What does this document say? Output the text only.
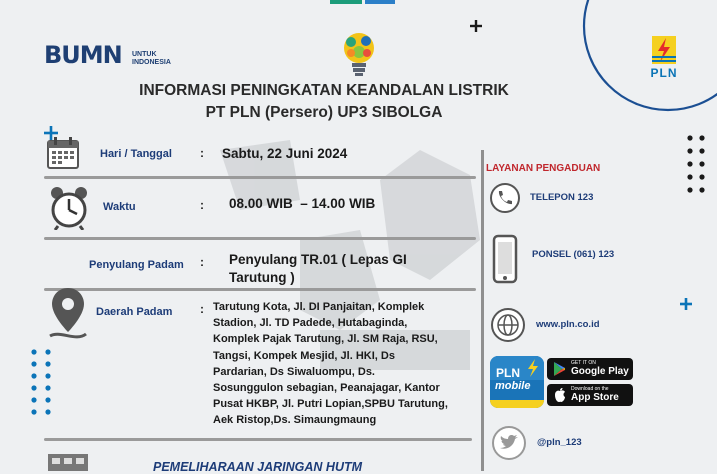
BUMN UNTUK INDONESIA
PLN
INFORMASI PENINGKATAN KEANDALAN LISTRIK
PT PLN (Persero) UP3 SIBOLGA
Hari / Tanggal : Sabtu, 22 Juni 2024
Waktu	: 08.00 WIB  – 14.00 WIB
Penyulang Padam : Penyulang TR.01 ( Lepas GI
Tarutung )
Daerah Padam : Tarutung Kota, Jl. DI Panjaitan, Komplek
Stadion, Jl. TD Padede, Hutabaginda,
Komplek Pajak Tarutung, Jl. SM Raja, RSU,
Tangsi, Kompek Mesjid, Jl. HKI, Ds
Pardarian, Ds Siwaluompu, Ds.
Sosunggulon sebagian, Peanajagar, Kantor
Pusat HKBP, Jl. Putri Lopian,SPBU Tarutung,
Aek Ristop,Ds. Simaungmaung
PEMELIHARAAN JARINGAN HUTM
LAYANAN PENGADUAN
TELEPON 123
PONSEL (061) 123
www.pln.co.id
PLN
mobile
GET IT ON
Google Play
Download on the
App Store
@pln_123
